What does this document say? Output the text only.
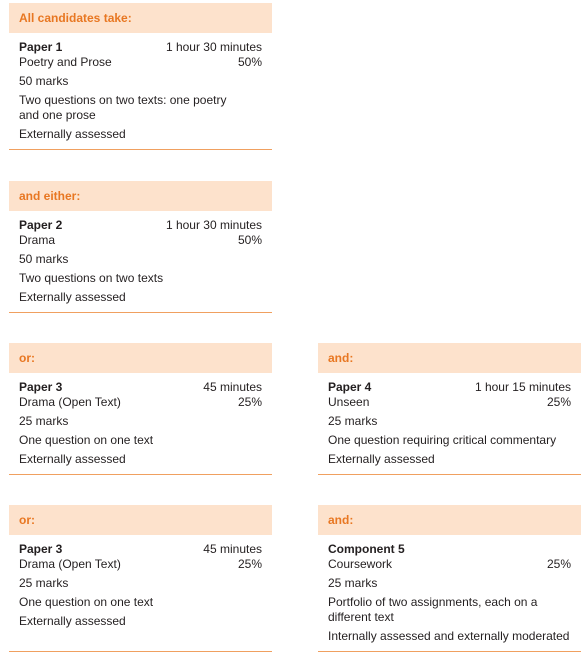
All candidates take:
Paper 1	1 hour 30 minutes
Poetry and Prose	50%
50 marks
Two questions on two texts: one poetry and one prose
Externally assessed
and either:
Paper 2	1 hour 30 minutes
Drama	50%
50 marks
Two questions on two texts
Externally assessed
or:
Paper 3	45 minutes
Drama (Open Text)	25%
25 marks
One question on one text
Externally assessed
and:
Paper 4	1 hour 15 minutes
Unseen	25%
25 marks
One question requiring critical commentary
Externally assessed
or:
Paper 3	45 minutes
Drama (Open Text)	25%
25 marks
One question on one text
Externally assessed
and:
Component 5
Coursework	25%
25 marks
Portfolio of two assignments, each on a different text
Internally assessed and externally moderated
